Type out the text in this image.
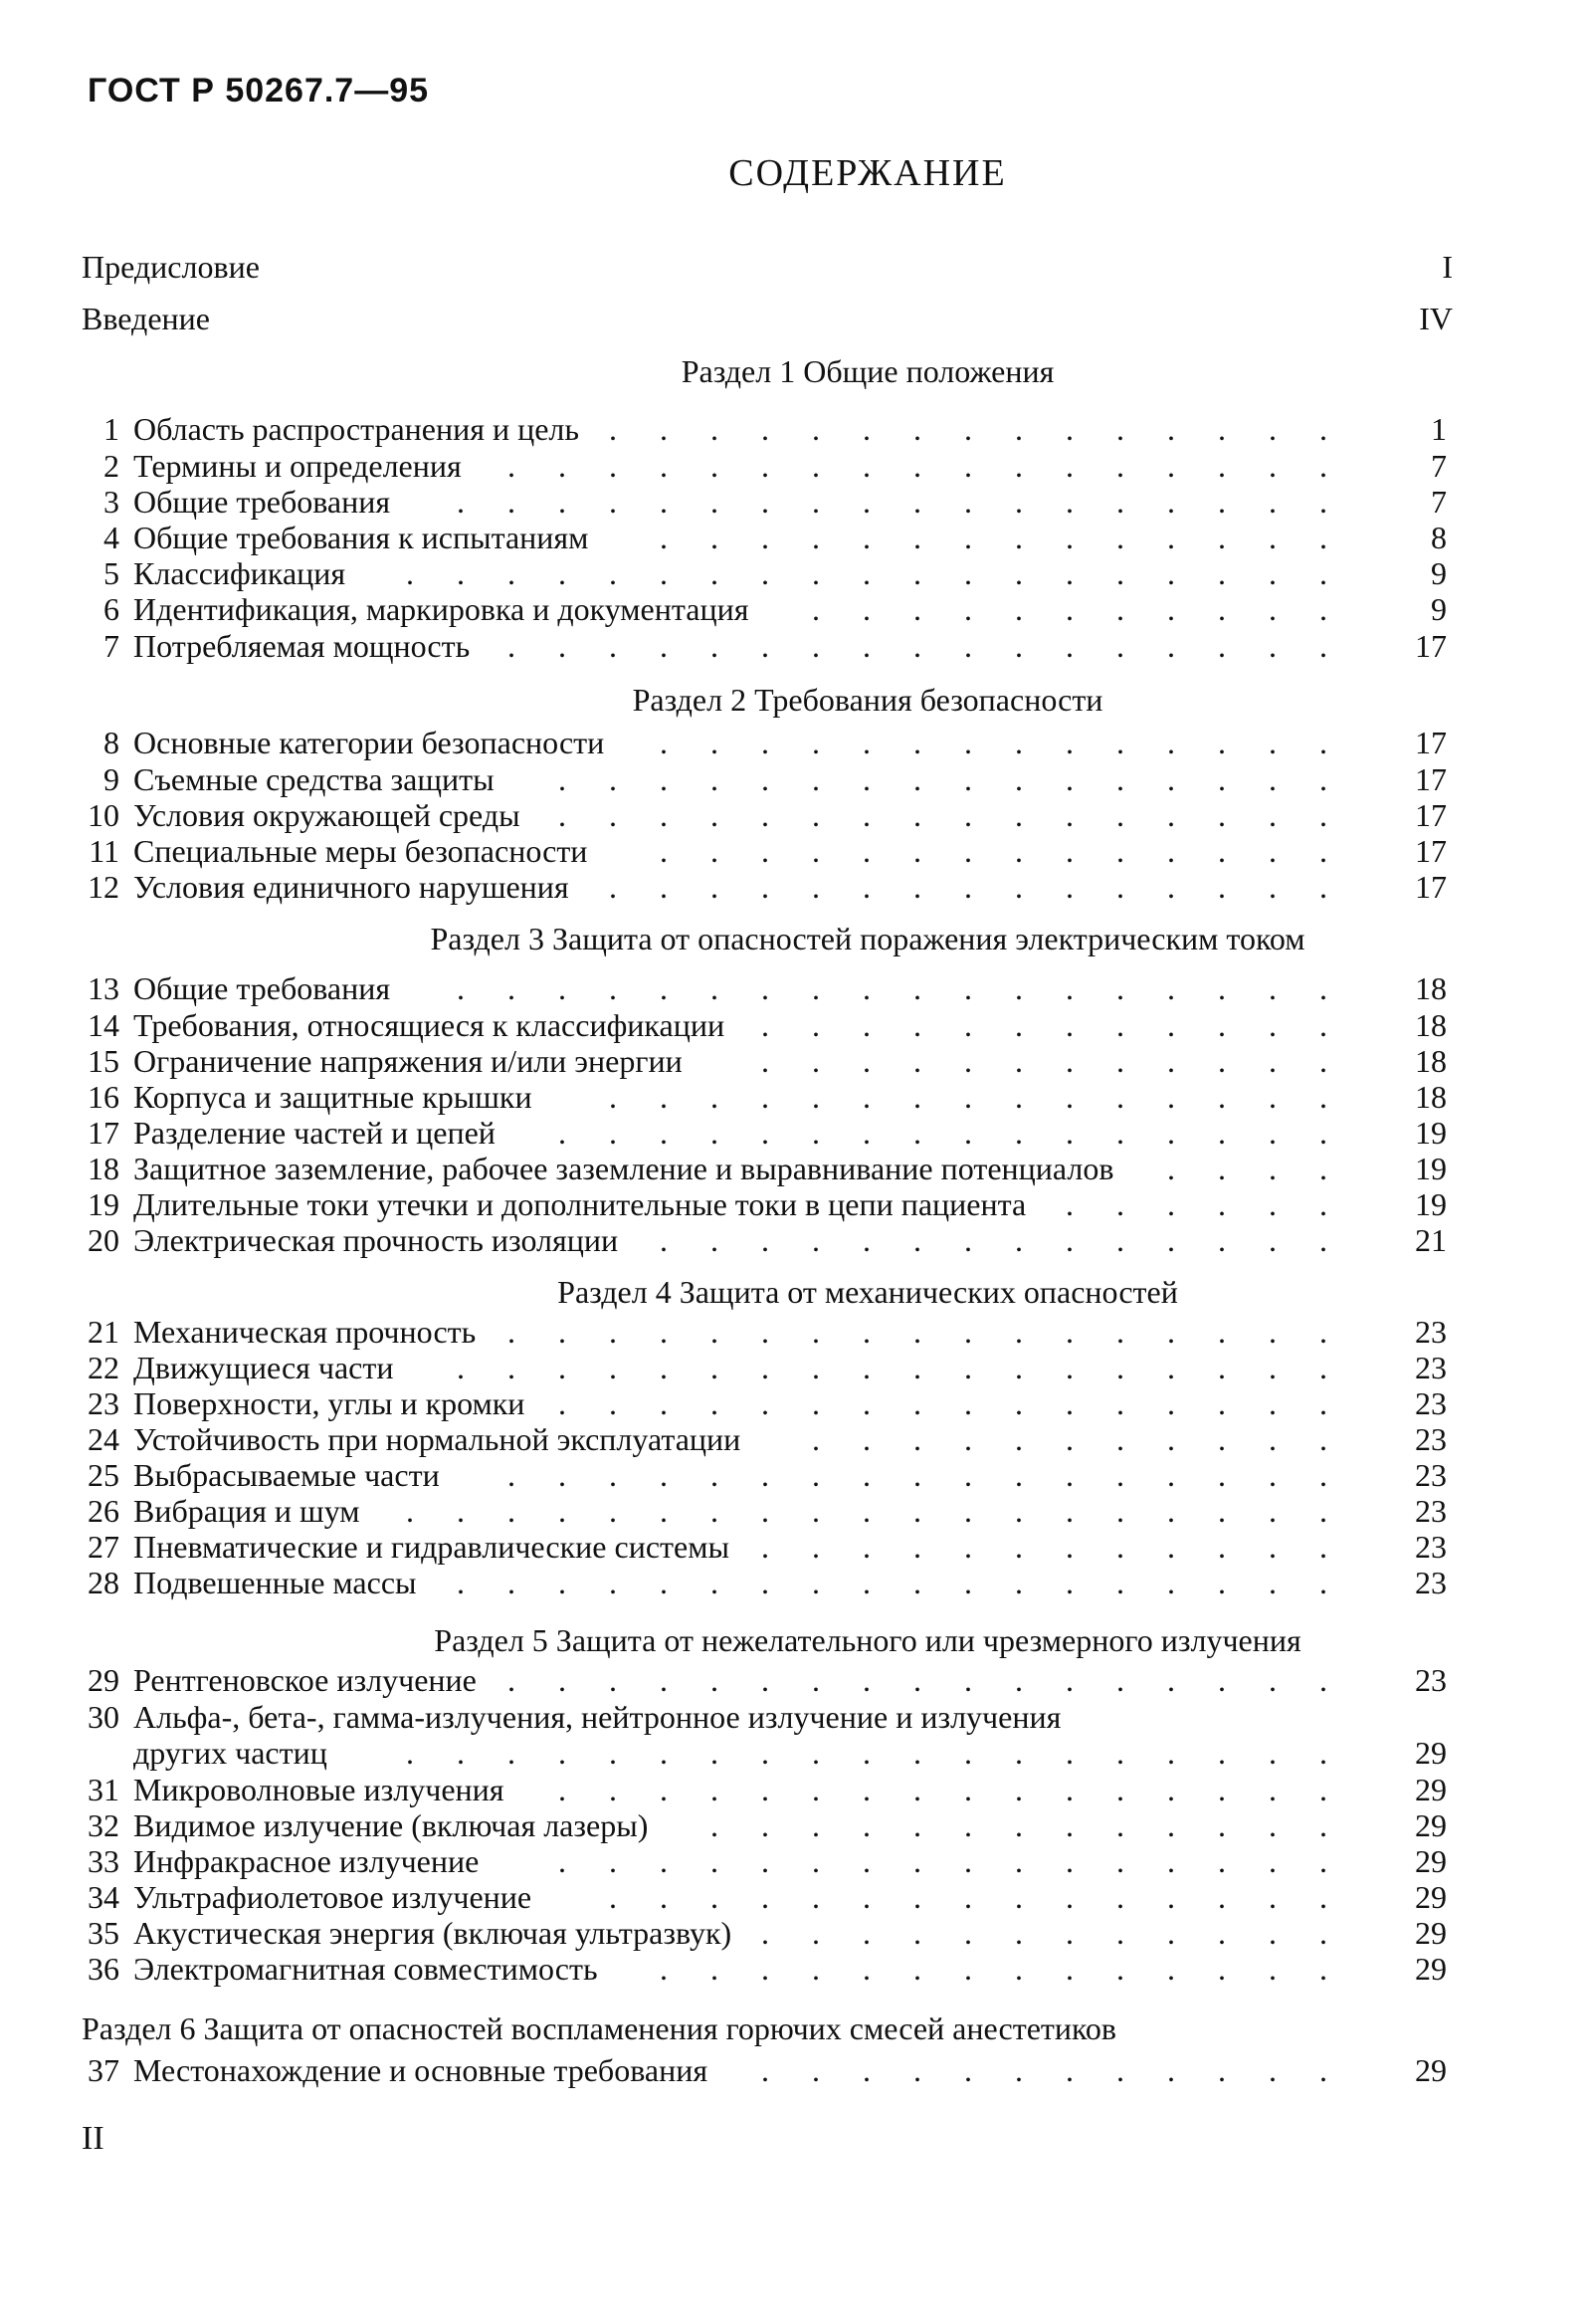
ГОСТ Р 50267.7—95
СОДЕРЖАНИЕ
Предисловие	I
Введение	IV
Раздел 1 Общие положения
1 Область распространения и цель	1
. . . . . . . . . . . . . . .
2 Термины и определения	7
. . . . . . . . . . . . . . . . .
3 Общие требования	7
. . . . . . . . . . . . . . . . . .
4 Общие требования к испытаниям	8
. . . . . . . . . . . . . .
5 Классификация	9
. . . . . . . . . . . . . . . . . . .
6 Идентификация, маркировка и документация	9
. . . . . . . . . . .
7 Потребляемая мощность	17
. . . . . . . . . . . . . . . . .
Раздел 2 Требования безопасности
8 Основные категории безопасности	17
. . . . . . . . . . . . . .
9 Съемные средства защиты	17
. . . . . . . . . . . . . . . .
10 Условия окружающей среды	17
. . . . . . . . . . . . . . . .
11 Специальные меры безопасности	17
. . . . . . . . . . . . . .
12 Условия единичного нарушения	17
. . . . . . . . . . . . . . .
Раздел 3 Защита от опасностей поражения электрическим током
13 Общие требования	18
. . . . . . . . . . . . . . . . . .
14 Требования, относящиеся к классификации	18
. . . . . . . . . . . .
15 Ограничение напряжения и/или энергии	18
. . . . . . . . . . . .
16 Корпуса и защитные крышки	18
. . . . . . . . . . . . . . .
17 Разделение частей и цепей	19
. . . . . . . . . . . . . . . .
18 Защитное заземление, рабочее заземление и выравнивание потенциалов	19
. . . .
19 Длительные токи утечки и дополнительные токи в цепи пациента	19
. . . . . .
20 Электрическая прочность изоляции	21
. . . . . . . . . . . . . .
Раздел 4 Защита от механических опасностей
21 Механическая прочность	23
. . . . . . . . . . . . . . . . .
22 Движущиеся части	23
. . . . . . . . . . . . . . . . . .
23 Поверхности, углы и кромки	23
. . . . . . . . . . . . . . . .
24 Устойчивость при нормальной эксплуатации	23
. . . . . . . . . . .
25 Выбрасываемые части	23
. . . . . . . . . . . . . . . . .
26 Вибрация и шум	23
. . . . . . . . . . . . . . . . . . .
27 Пневматические и гидравлические системы	23
. . . . . . . . . . . .
28 Подвешенные массы	23
. . . . . . . . . . . . . . . . . .
Раздел 5 Защита от нежелательного или чрезмерного излучения
29 Рентгеновское излучение	23
. . . . . . . . . . . . . . . . .
30 Альфа-, бета-, гамма-излучения, нейтронное излучение и излучения
других частиц	29
. . . . . . . . . . . . . . . . . . .
31 Микроволновые излучения	29
. . . . . . . . . . . . . . . .
32 Видимое излучение (включая лазеры)	29
. . . . . . . . . . . . .
33 Инфракрасное излучение	29
. . . . . . . . . . . . . . . .
34 Ультрафиолетовое излучение	29
. . . . . . . . . . . . . . .
35 Акустическая энергия (включая ультразвук)	29
. . . . . . . . . . . .
36 Электромагнитная совместимость	29
. . . . . . . . . . . . . .
Раздел 6 Защита от опасностей воспламенения горючих смесей анестетиков
37 Местонахождение и основные требования	29
. . . . . . . . . . . .
II
